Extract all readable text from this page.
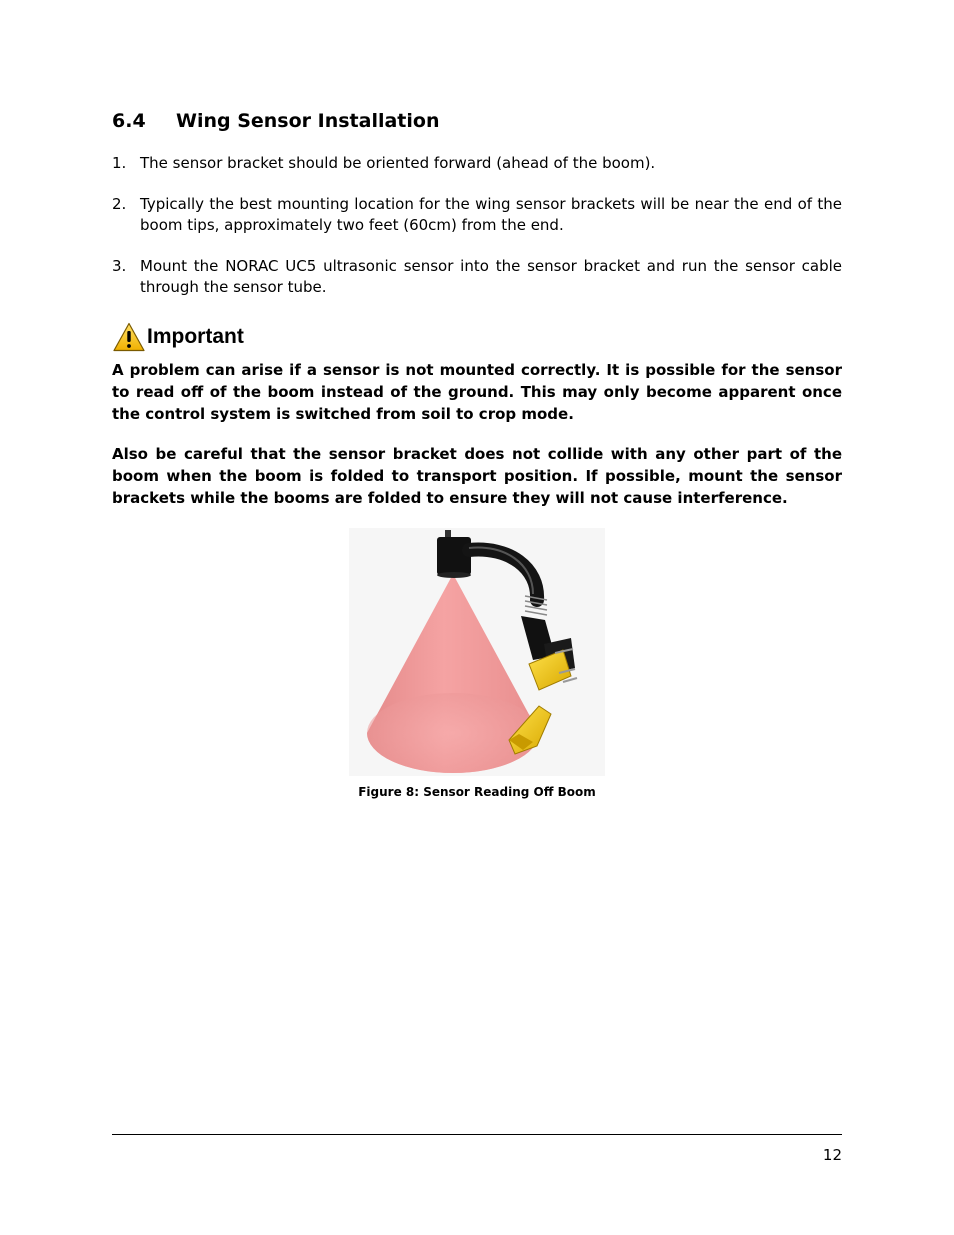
6.4 Wing Sensor Installation
1. The sensor bracket should be oriented forward (ahead of the boom).
2. Typically the best mounting location for the wing sensor brackets will be near the end of the boom tips, approximately two feet (60cm) from the end.
3. Mount the NORAC UC5 ultrasonic sensor into the sensor bracket and run the sensor cable through the sensor tube.
Important

A problem can arise if a sensor is not mounted correctly. It is possible for the sensor to read off of the boom instead of the ground. This may only become apparent once the control system is switched from soil to crop mode.

Also be careful that the sensor bracket does not collide with any other part of the boom when the boom is folded to transport position. If possible, mount the sensor brackets while the booms are folded to ensure they will not cause interference.

Figure 8: Sensor Reading Off Boom

12
